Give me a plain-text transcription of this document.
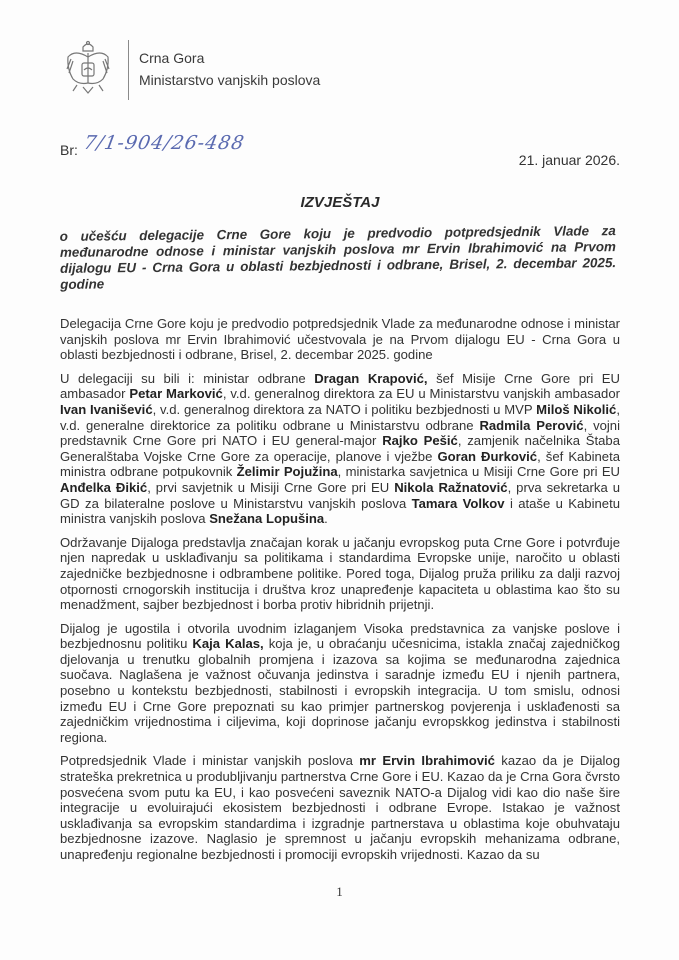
Crna Gora
Ministarstvo vanjskih poslova
Br: 7/1-904/26-488
21. januar 2026.
IZVJEŠTAJ
o učešću delegacije Crne Gore koju je predvodio potpredsjednik Vlade za međunarodne odnose i ministar vanjskih poslova mr Ervin Ibrahimović na Prvom dijalogu EU - Crna Gora u oblasti bezbjednosti i odbrane, Brisel, 2. decembar 2025. godine

Delegacija Crne Gore koju je predvodio potpredsjednik Vlade za međunarodne odnose i ministar vanjskih poslova mr Ervin Ibrahimović učestvovala je na Prvom dijalogu EU - Crna Gora u oblasti bezbjednosti i odbrane, Brisel, 2. decembar 2025. godine

U delegaciji su bili i: ministar odbrane Dragan Krapović, šef Misije Crne Gore pri EU ambasador Petar Marković, v.d. generalnog direktora za EU u Ministarstvu vanjskih ambasador Ivan Ivanišević, v.d. generalnog direktora za NATO i politiku bezbjednosti u MVP Miloš Nikolić, v.d. generalne direktorice za politiku odbrane u Ministarstvu odbrane Radmila Perović, vojni predstavnik Crne Gore pri NATO i EU general-major Rajko Pešić, zamjenik načelnika Štaba Generalštaba Vojske Crne Gore za operacije, planove i vježbe Goran Đurković, šef Kabineta ministra odbrane potpukovnik Želimir Pojužina, ministarka savjetnica u Misiji Crne Gore pri EU Anđelka Đikić, prvi savjetnik u Misiji Crne Gore pri EU Nikola Ražnatović, prva sekretarka u GD za bilateralne poslove u Ministarstvu vanjskih poslova Tamara Volkov i ataše u Kabinetu ministra vanjskih poslova Snežana Lopušina.

Održavanje Dijaloga predstavlja značajan korak u jačanju evropskog puta Crne Gore i potvrđuje njen napredak u usklađivanju sa politikama i standardima Evropske unije, naročito u oblasti zajedničke bezbjednosne i odbrambene politike. Pored toga, Dijalog pruža priliku za dalji razvoj otpornosti crnogorskih institucija i društva kroz unapređenje kapaciteta u oblastima kao što su menadžment, sajber bezbjednost i borba protiv hibridnih prijetnji.

Dijalog je ugostila i otvorila uvodnim izlaganjem Visoka predstavnica za vanjske poslove i bezbjednosnu politiku Kaja Kalas, koja je, u obraćanju učesnicima, istakla značaj zajedničkog djelovanja u trenutku globalnih promjena i izazova sa kojima se međunarodna zajednica suočava. Naglašena je važnost očuvanja jedinstva i saradnje između EU i njenih partnera, posebno u kontekstu bezbjednosti, stabilnosti i evropskih integracija. U tom smislu, odnosi između EU i Crne Gore prepoznati su kao primjer partnerskog povjerenja i usklađenosti sa zajedničkim vrijednostima i ciljevima, koji doprinose jačanju evropskkog jedinstva i stabilnosti regiona.

Potpredsjednik Vlade i ministar vanjskih poslova mr Ervin Ibrahimović kazao da je Dijalog strateška prekretnica u produbljivanju partnerstva Crne Gore i EU. Kazao da je Crna Gora čvrsto posvećena svom putu ka EU, i kao posvećeni saveznik NATO-a Dijalog vidi kao dio naše šire integracije u evoluirajući ekosistem bezbjednosti i odbrane Evrope. Istakao je važnost usklađivanja sa evropskim standardima i izgradnje partnerstava u oblastima koje obuhvataju bezbjednosne izazove. Naglasio je spremnost u jačanju evropskih mehanizama odbrane, unapređenju regionalne bezbjednosti i promociji evropskih vrijednosti. Kazao da su

1
